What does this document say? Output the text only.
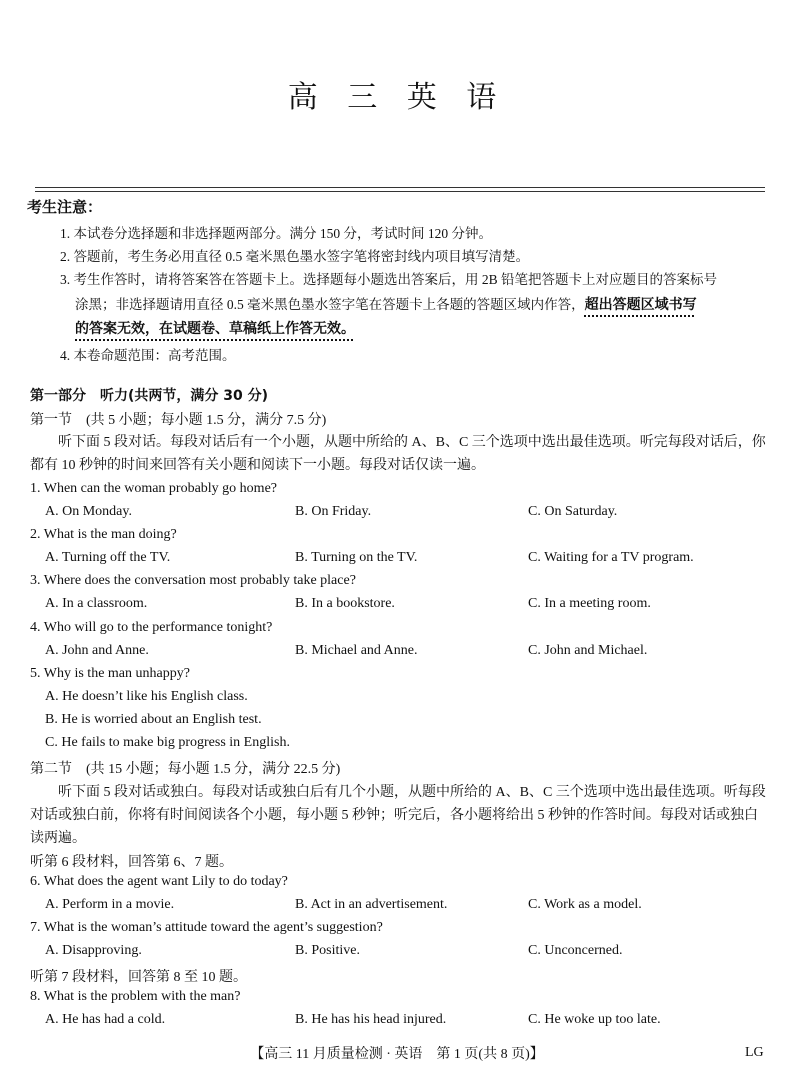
高 三 英 语
考生注意：
1. 本试卷分选择题和非选择题两部分。满分 150 分，考试时间 120 分钟。
2. 答题前，考生务必用直径 0.5 毫米黑色墨水签字笔将密封线内项目填写清楚。
3. 考生作答时，请将答案答在答题卡上。选择题每小题选出答案后，用 2B 铅笔把答题卡上对应题目的答案标号
涂黑；非选择题请用直径 0.5 毫米黑色墨水签字笔在答题卡上各题的答题区域内作答，超出答题区域书写
的答案无效，在试题卷、草稿纸上作答无效。
4. 本卷命题范围：高考范围。
第一部分　听力(共两节，满分 30 分)
第一节　(共 5 小题；每小题 1.5 分，满分 7.5 分)
　　听下面 5 段对话。每段对话后有一个小题，从题中所给的 A、B、C 三个选项中选出最佳选项。听完每段对话后，你都有 10 秒钟的时间来回答有关小题和阅读下一小题。每段对话仅读一遍。
1. When can the woman probably go home?
A. On Monday.	B. On Friday.	C. On Saturday.
2. What is the man doing?
A. Turning off the TV.	B. Turning on the TV.	C. Waiting for a TV program.
3. Where does the conversation most probably take place?
A. In a classroom.	B. In a bookstore.	C. In a meeting room.
4. Who will go to the performance tonight?
A. John and Anne.	B. Michael and Anne.	C. John and Michael.
5. Why is the man unhappy?
A. He doesn’t like his English class.
B. He is worried about an English test.
C. He fails to make big progress in English.
第二节　(共 15 小题；每小题 1.5 分，满分 22.5 分)
　　听下面 5 段对话或独白。每段对话或独白后有几个小题，从题中所给的 A、B、C 三个选项中选出最佳选项。听每段对话或独白前，你将有时间阅读各个小题，每小题 5 秒钟；听完后，各小题将给出 5 秒钟的作答时间。每段对话或独白读两遍。
听第 6 段材料，回答第 6、7 题。
6. What does the agent want Lily to do today?
A. Perform in a movie.	B. Act in an advertisement.	C. Work as a model.
7. What is the woman’s attitude toward the agent’s suggestion?
A. Disapproving.	B. Positive.	C. Unconcerned.
听第 7 段材料，回答第 8 至 10 题。
8. What is the problem with the man?
A. He has had a cold.	B. He has his head injured.	C. He woke up too late.
【高三 11 月质量检测 · 英语　第 1 页(共 8 页)】	LG
